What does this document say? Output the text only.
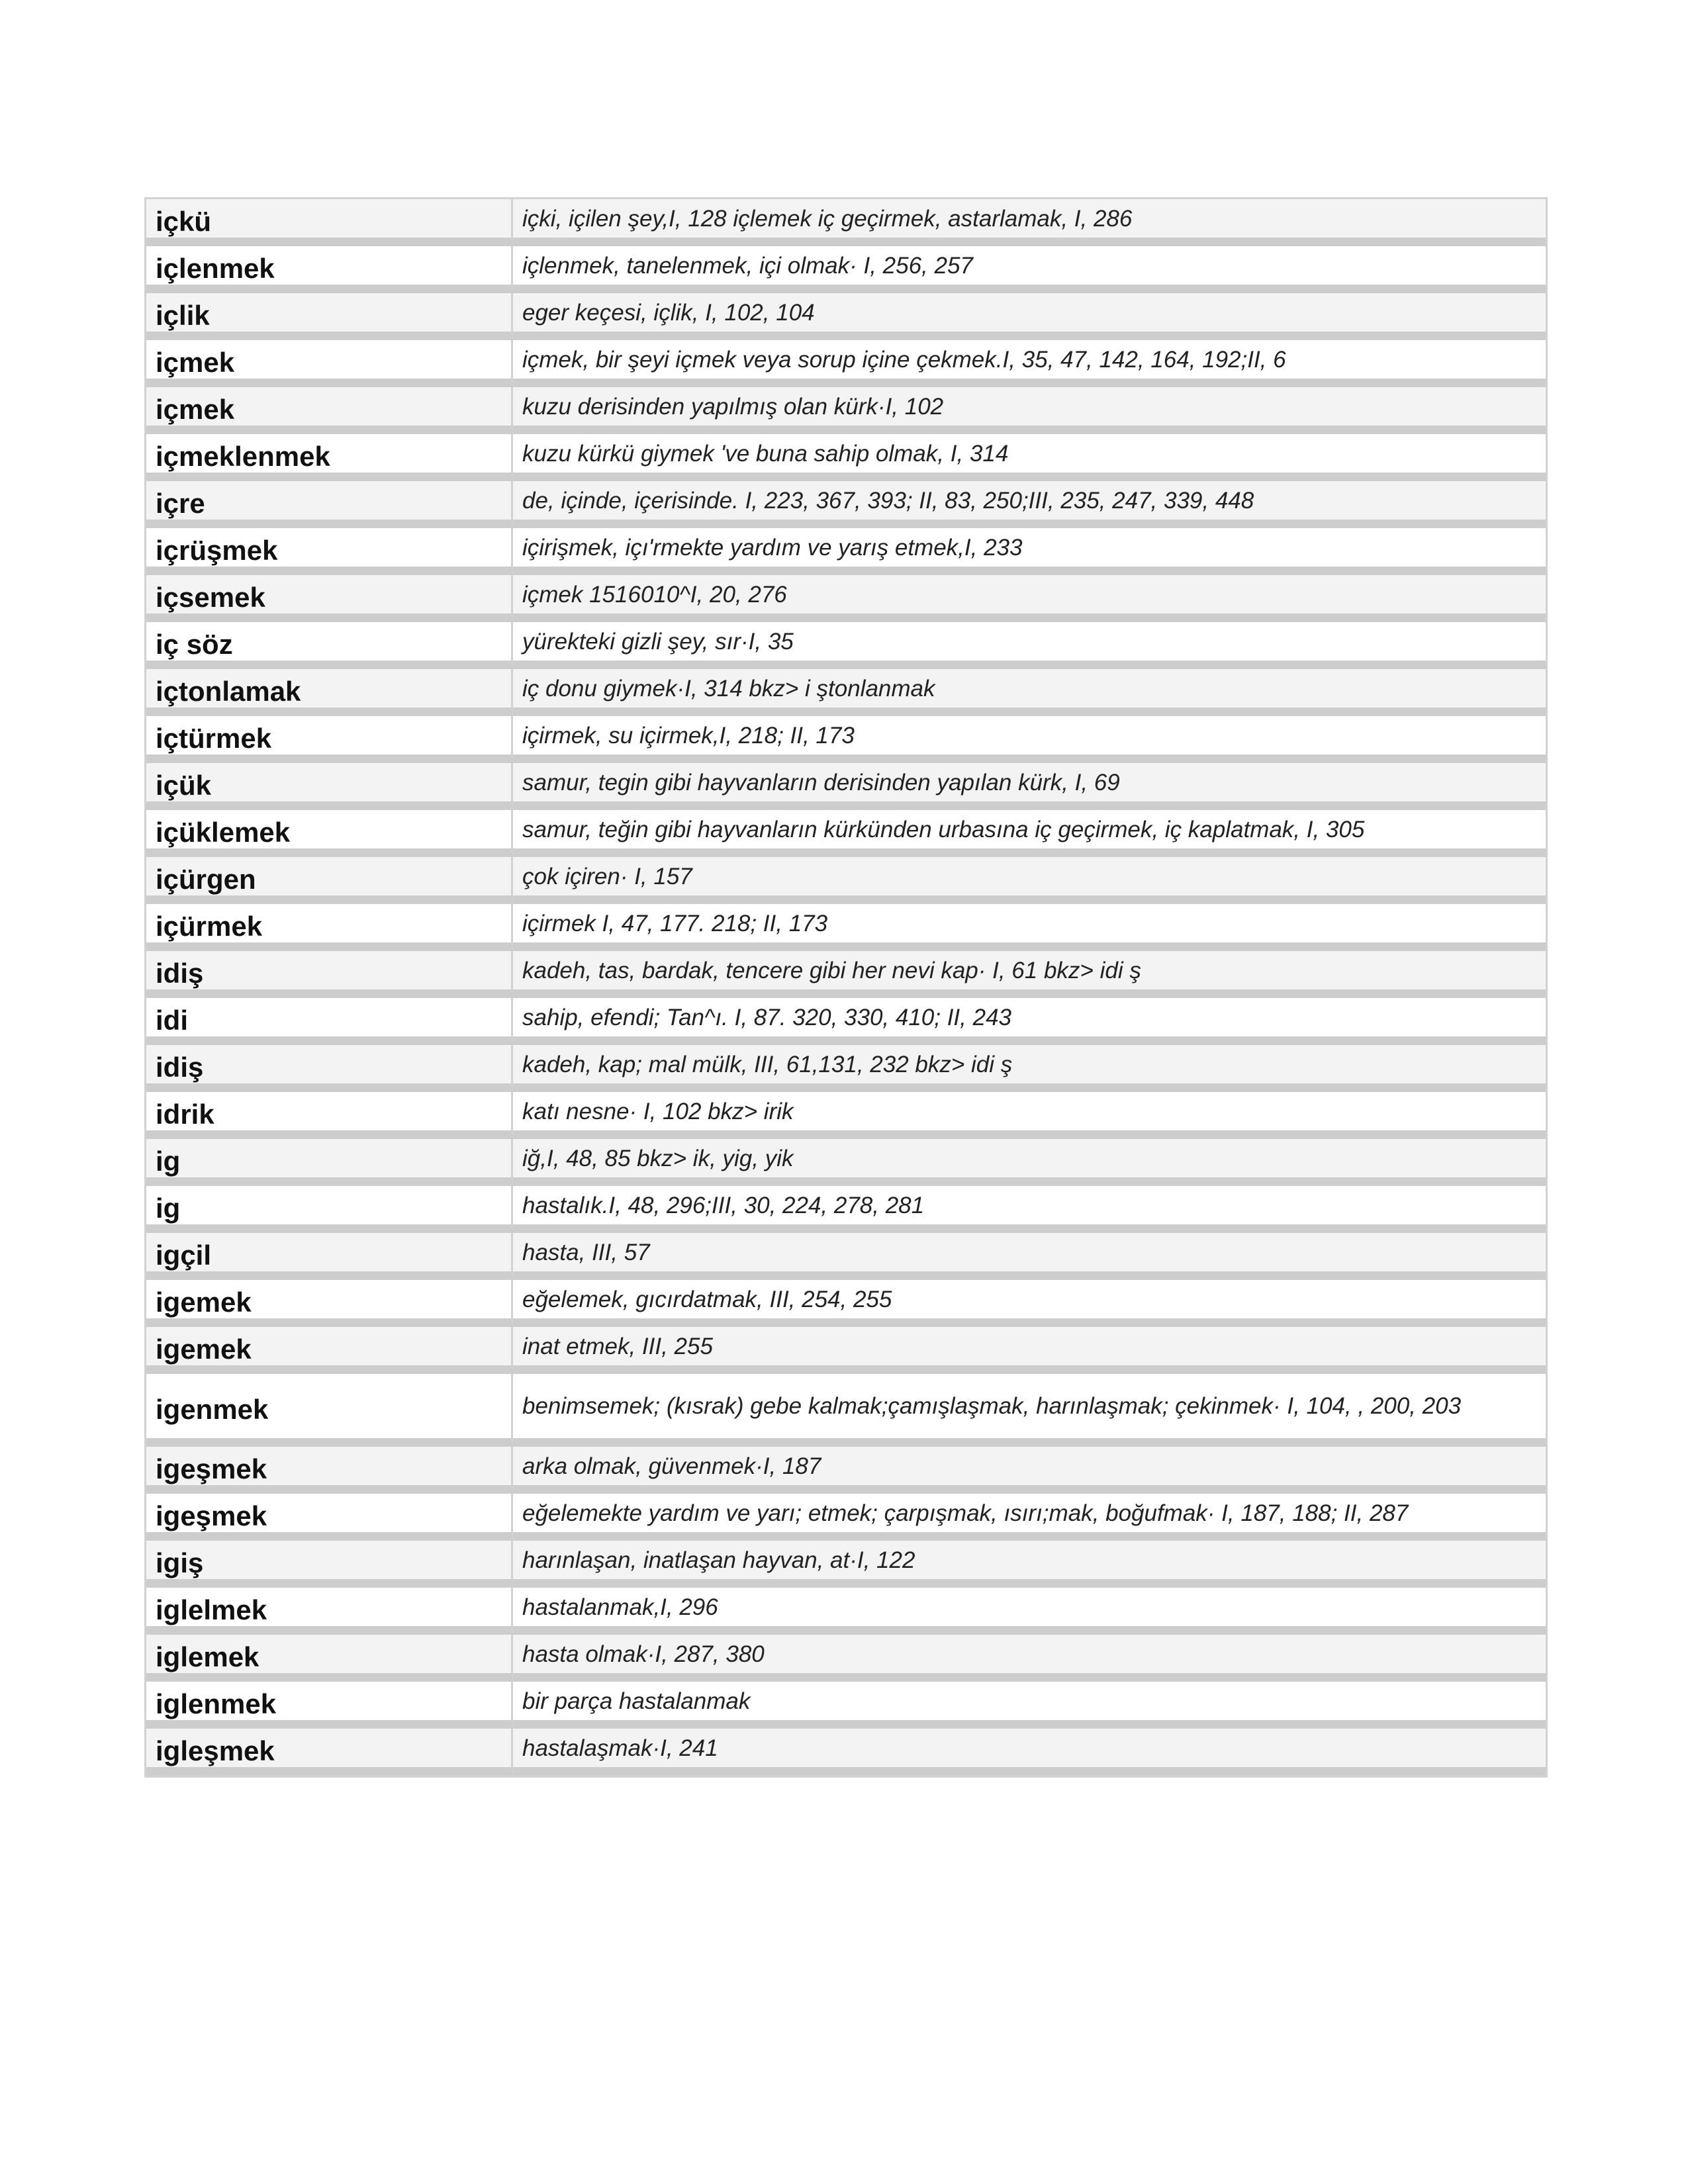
içkü	içki, içilen şey,I, 128 içlemek iç geçirmek, astarlamak, I, 286
içlenmek	içlenmek, tanelenmek, içi olmak· I, 256, 257
içlik	eger keçesi, içlik, I, 102, 104
içmek	içmek, bir şeyi içmek veya sorup içine çekmek.I, 35, 47, 142, 164, 192;II, 6
içmek	kuzu derisinden yapılmış olan kürk·I, 102
içmeklenmek	kuzu kürkü giymek 've buna sahip olmak, I, 314
içre	de, içinde, içerisinde. I, 223, 367, 393; II, 83, 250;III, 235, 247, 339, 448
içrüşmek	içirişmek, içı'rmekte yardım ve yarış etmek,I, 233
içsemek	içmek 1516010^I, 20, 276
iç söz	yürekteki gizli şey, sır·I, 35
içtonlamak	iç donu giymek·I, 314 bkz> i ştonlanmak
içtürmek	içirmek, su içirmek,I, 218; II, 173
içük	samur, tegin gibi hayvanların derisinden yapılan kürk, I, 69
içüklemek	samur, teğin gibi hayvanların kürkünden urbasına iç geçirmek, iç kaplatmak, I, 305
içürgen	çok içiren· I, 157
içürmek	içirmek I, 47, 177. 218; II, 173
idiş	kadeh, tas, bardak, tencere gibi her nevi kap· I, 61 bkz> idi ş
idi	sahip, efendi; Tan^ı. I, 87. 320, 330, 410; II, 243
idiş	kadeh, kap; mal mülk, III, 61,131, 232 bkz> idi ş
idrik	katı nesne· I, 102 bkz> irik
ig	iğ,I, 48, 85 bkz> ik, yig, yik
ig	hastalık.I, 48, 296;III, 30, 224, 278, 281
igçil	hasta, III, 57
igemek	eğelemek, gıcırdatmak, III, 254, 255
igemek	inat etmek, III, 255
igenmek	benimsemek; (kısrak) gebe kalmak;çamışlaşmak, harınlaşmak; çekinmek· I, 104, , 200, 203
igeşmek	arka olmak, güvenmek·I, 187
igeşmek	eğelemekte yardım ve yarı; etmek; çarpışmak, ısırı;mak, boğufmak· I, 187, 188; II, 287
igiş	harınlaşan, inatlaşan hayvan, at·I, 122
iglelmek	hastalanmak,I, 296
iglemek	hasta olmak·I, 287, 380
iglenmek	bir parça hastalanmak
igleşmek	hastalaşmak·I, 241
